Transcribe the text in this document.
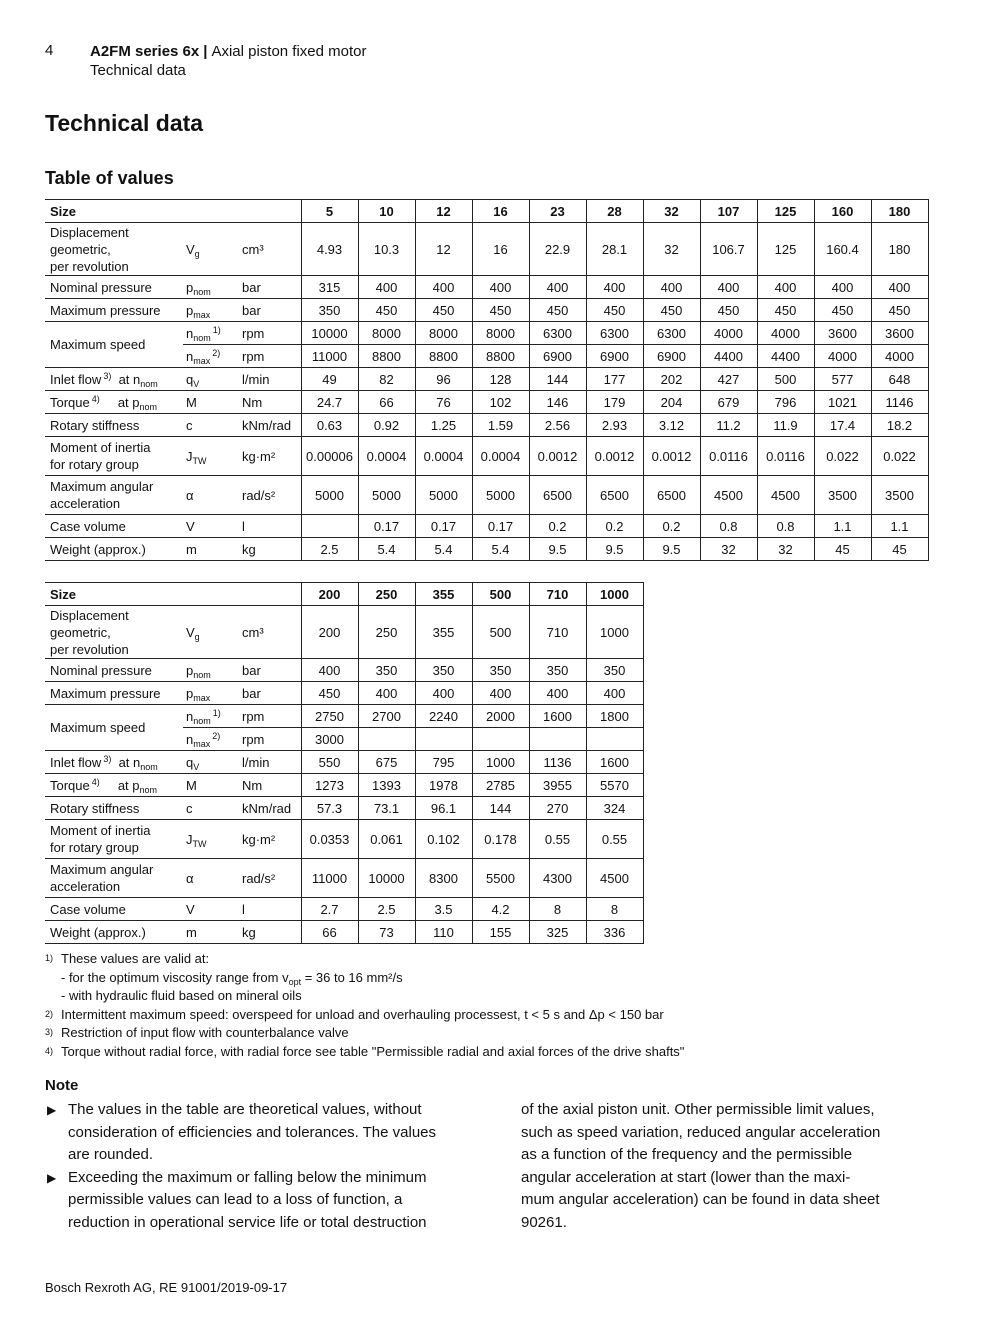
4 A2FM series 6x | Axial piston fixed motor
Technical data
Technical data
Table of values
Size			5	10	12	16	23	28	32	107	125	160	180

Displacement
geometric,
per revolution	$V_g$	cm³	4.93	10.3	12	16	22.9	28.1	32	106.7	125	160.4	180
Nominal pressure	$p_{nom}$	bar	315	400	400	400	400	400	400	400	400	400	400
Maximum pressure	$p_{max}$	bar	350	450	450	450	450	450	450	450	450	450	450
Maximum speed	$n_{nom}^{1)}$	rpm	10000	8000	8000	8000	6300	6300	6300	4000	4000	3600	3600
	$n_{max}^{2)}$	rpm	11000	8800	8800	8800	6900	6900	6900	4400	4400	4000	4000
Inlet flow $^{3)}$ at $n_{nom}$	$q_V$	l/min	49	82	96	128	144	177	202	427	500	577	648
Torque $^{4)}$ at $p_{nom}$	M	Nm	24.7	66	76	102	146	179	204	679	796	1021	1146
Rotary stiffness	c	kNm/rad	0.63	0.92	1.25	1.59	2.56	2.93	3.12	11.2	11.9	17.4	18.2

Moment of inertia
for rotary group	$J_{TW}$	kg·m²	0.00006	0.0004	0.0004	0.0004	0.0012	0.0012	0.0012	0.0116	0.0116	0.022	0.022

Maximum angular
acceleration	α	rad/s²	5000	5000	5000	5000	6500	6500	6500	4500	4500	3500	3500
Case volume	V	l		0.17	0.17	0.17	0.2	0.2	0.2	0.8	0.8	1.1	1.1
Weight (approx.)	m	kg	2.5	5.4	5.4	5.4	9.5	9.5	9.5	32	32	45	45
Size			200	250	355	500	710	1000

Displacement
geometric,
per revolution	$V_g$	cm³	200	250	355	500	710	1000
Nominal pressure	$p_{nom}$	bar	400	350	350	350	350	350
Maximum pressure	$p_{max}$	bar	450	400	400	400	400	400
Maximum speed	$n_{nom}^{1)}$	rpm	2750	2700	2240	2000	1600	1800
	$n_{max}^{2)}$	rpm	3000					
Inlet flow $^{3)}$ at $n_{nom}$	$q_V$	l/min	550	675	795	1000	1136	1600
Torque $^{4)}$ at $p_{nom}$	M	Nm	1273	1393	1978	2785	3955	5570
Rotary stiffness	c	kNm/rad	57.3	73.1	96.1	144	270	324

Moment of inertia
for rotary group	$J_{TW}$	kg·m²	0.0353	0.061	0.102	0.178	0.55	0.55

Maximum angular
acceleration	α	rad/s²	11000	10000	8300	5500	4300	4500
Case volume	V	l	2.7	2.5	3.5	4.2	8	8
Weight (approx.)	m	kg	66	73	110	155	325	336
1) These values are valid at:
- for the optimum viscosity range from $v_{opt} = 36$ to 16 mm²/s
- with hydraulic fluid based on mineral oils
2) Intermittent maximum speed: overspeed for unload and overhauling processest, t < 5 s and Δp < 150 bar
3) Restriction of input flow with counterbalance valve
4) Torque without radial force, with radial force see table "Permissible radial and axial forces of the drive shafts"
Note
▶ The values in the table are theoretical values, without
consideration of efficiencies and tolerances. The values
are rounded.
▶ Exceeding the maximum or falling below the minimum
permissible values can lead to a loss of function, a
reduction in operational service life or total destruction
of the axial piston unit. Other permissible limit values,
such as speed variation, reduced angular acceleration
as a function of the frequency and the permissible
angular acceleration at start (lower than the maxi-
mum angular acceleration) can be found in data sheet
90261.
Bosch Rexroth AG, RE 91001/2019-09-17
